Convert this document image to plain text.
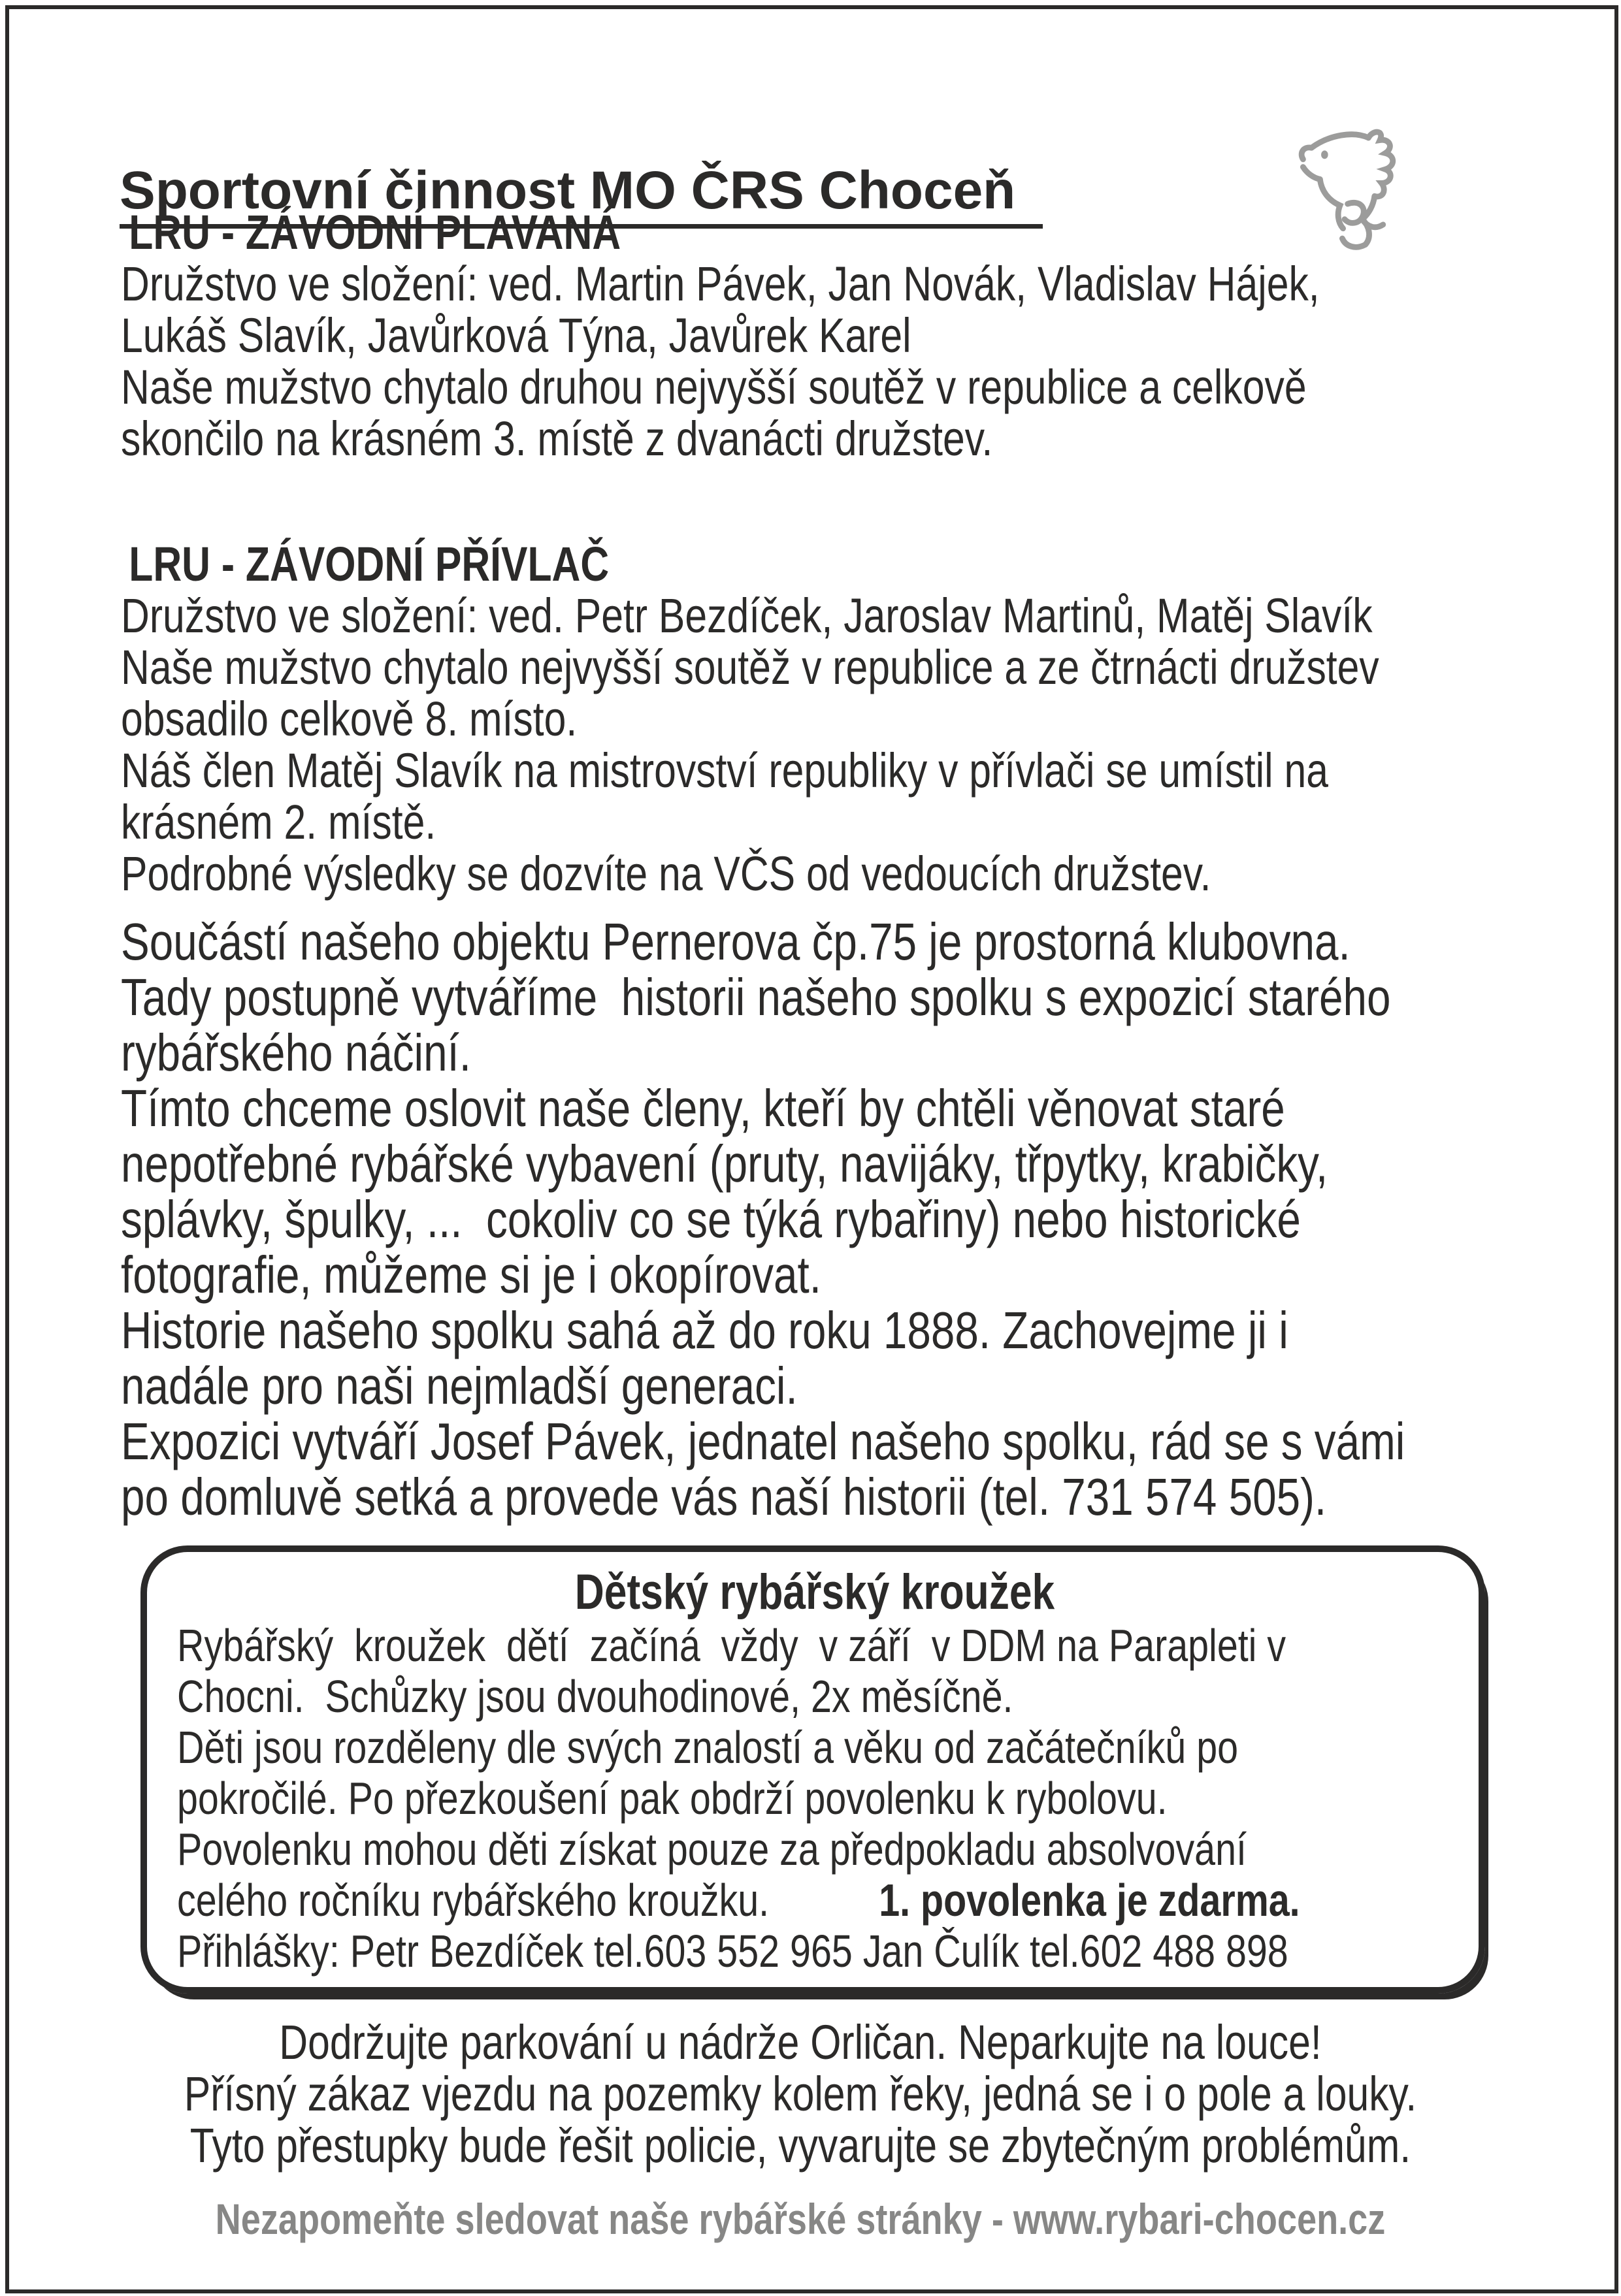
Sportovní činnost MO ČRS Choceň
LRU - ZÁVODNÍ PLAVANÁ
Družstvo ve složení: ved. Martin Pávek, Jan Novák, Vladislav Hájek,
Lukáš Slavík, Javůrková Týna, Javůrek Karel
Naše mužstvo chytalo druhou nejvyšší soutěž v republice a celkově
skončilo na krásném 3. místě z dvanácti družstev.
LRU - ZÁVODNÍ PŘÍVLAČ
Družstvo ve složení: ved. Petr Bezdíček, Jaroslav Martinů, Matěj Slavík
Naše mužstvo chytalo nejvyšší soutěž v republice a ze čtrnácti družstev
obsadilo celkově 8. místo.
Náš člen Matěj Slavík na mistrovství republiky v přívlači se umístil na
krásném 2. místě.
Podrobné výsledky se dozvíte na VČS od vedoucích družstev.
Součástí našeho objektu Pernerova čp.75 je prostorná klubovna.
Tady postupně vytváříme  historii našeho spolku s expozicí starého
rybářského náčiní.
Tímto chceme oslovit naše členy, kteří by chtěli věnovat staré
nepotřebné rybářské vybavení (pruty, navijáky, třpytky, krabičky,
splávky, špulky, ...  cokoliv co se týká rybařiny) nebo historické
fotografie, můžeme si je i okopírovat.
Historie našeho spolku sahá až do roku 1888. Zachovejme ji i
nadále pro naši nejmladší generaci.
Expozici vytváří Josef Pávek, jednatel našeho spolku, rád se s vámi
po domluvě setká a provede vás naší historii (tel. 731 574 505).
Dětský rybářský kroužek
Rybářský  kroužek  dětí  začíná  vždy  v září  v DDM na Parapleti v
Chocni.  Schůzky jsou dvouhodinové, 2x měsíčně.
Děti jsou rozděleny dle svých znalostí a věku od začátečníků po
pokročilé. Po přezkoušení pak obdrží povolenku k rybolovu.
Povolenku mohou děti získat pouze za předpokladu absolvování
celého ročníku rybářského kroužku. 1. povolenka je zdarma.
Přihlášky: Petr Bezdíček tel.603 552 965 Jan Čulík tel.602 488 898
Dodržujte parkování u nádrže Orličan. Neparkujte na louce!
Přísný zákaz vjezdu na pozemky kolem řeky, jedná se i o pole a louky.
Tyto přestupky bude řešit policie, vyvarujte se zbytečným problémům.
Nezapomeňte sledovat naše rybářské stránky - www.rybari-chocen.cz
